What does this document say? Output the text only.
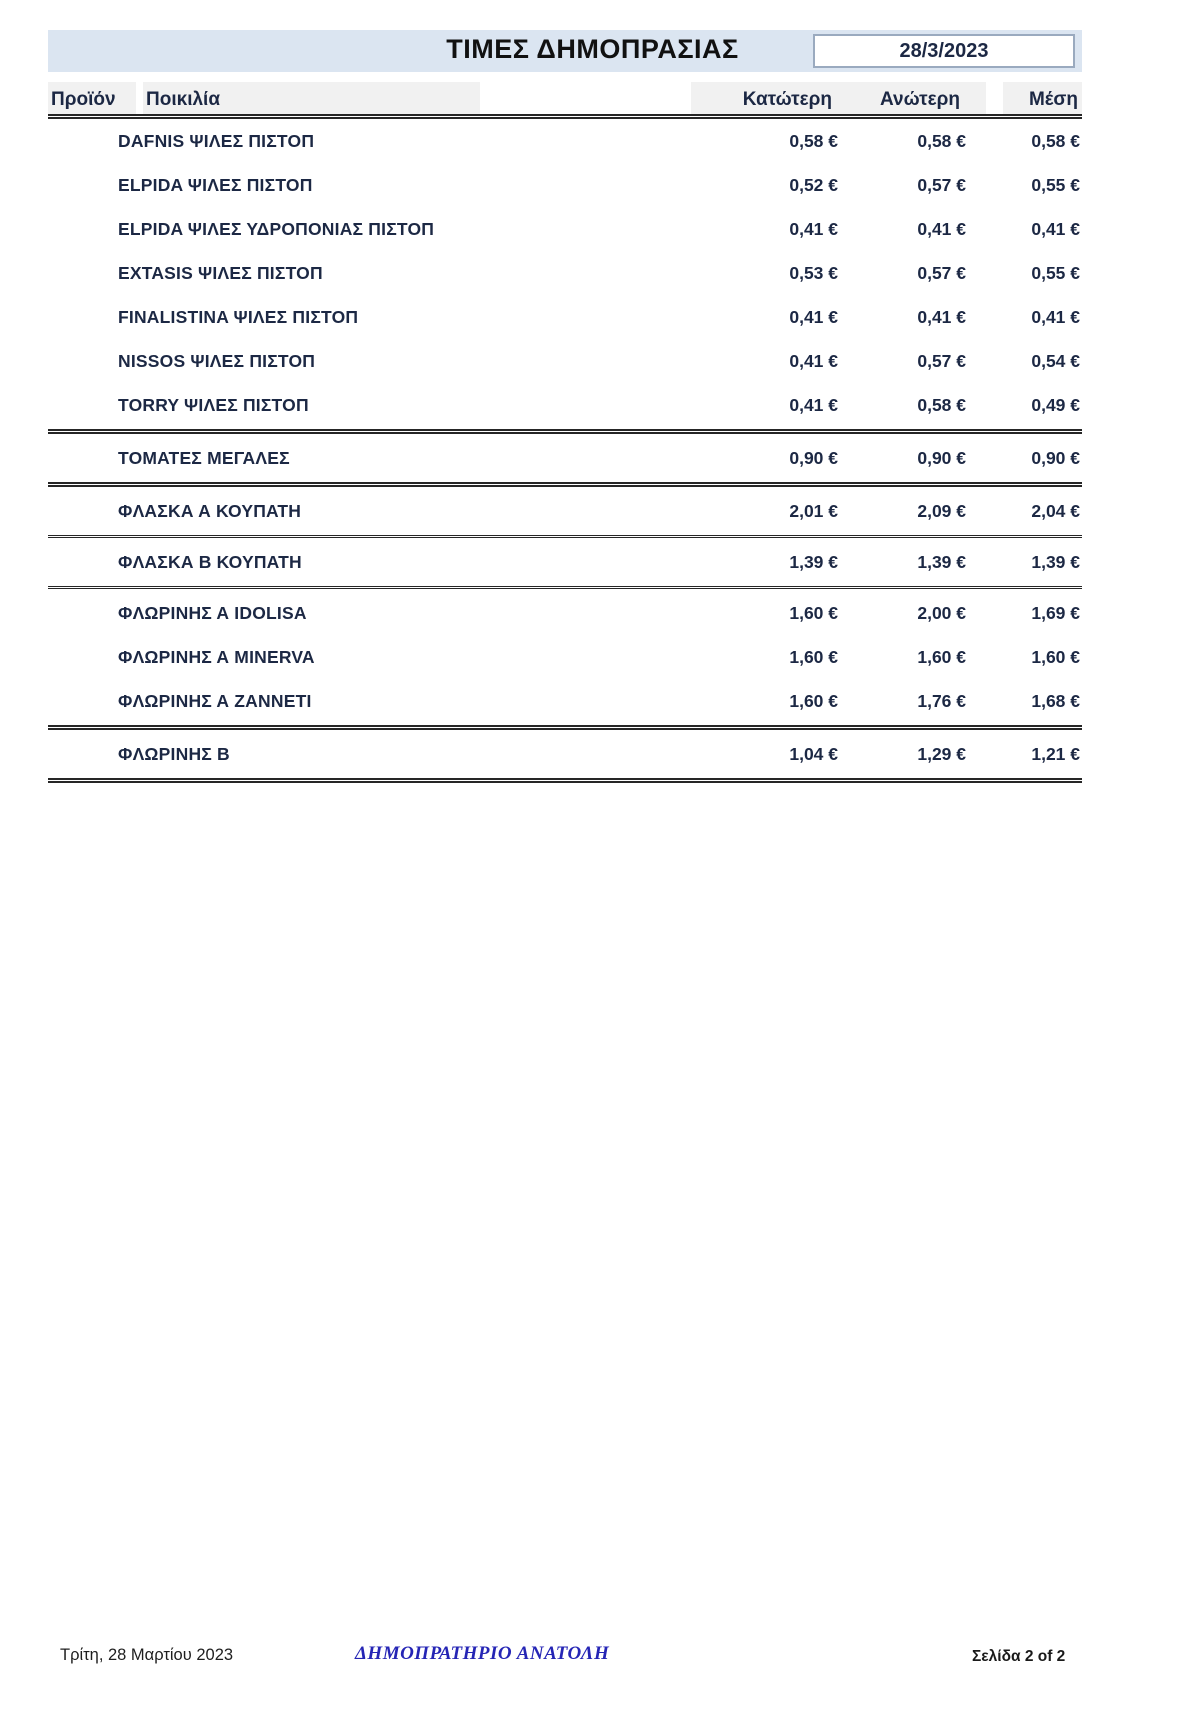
ΤΙΜΕΣ ΔΗΜΟΠΡΑΣΙΑΣ	28/3/2023
Προϊόν Ποικιλία	Κατώτερη	Ανώτερη	Μέση
DAFNIS ΨΙΛΕΣ ΠΙΣΤΟΠ	0,58 €	0,58 €	0,58 €
ELPIDA ΨΙΛΕΣ ΠΙΣΤΟΠ	0,52 €	0,57 €	0,55 €
ELPIDA ΨΙΛΕΣ ΥΔΡΟΠΟΝΙΑΣ ΠΙΣΤΟΠ	0,41 €	0,41 €	0,41 €
EXTASIS ΨΙΛΕΣ ΠΙΣΤΟΠ	0,53 €	0,57 €	0,55 €
FINALISTINA ΨΙΛΕΣ ΠΙΣΤΟΠ	0,41 €	0,41 €	0,41 €
NISSOS ΨΙΛΕΣ ΠΙΣΤΟΠ	0,41 €	0,57 €	0,54 €
TORRY ΨΙΛΕΣ ΠΙΣΤΟΠ	0,41 €	0,58 €	0,49 €
ΤΟΜΑΤΕΣ ΜΕΓΑΛΕΣ	0,90 €	0,90 €	0,90 €
ΦΛΑΣΚΑ Α ΚΟΥΠΑΤΗ	2,01 €	2,09 €	2,04 €
ΦΛΑΣΚΑ Β ΚΟΥΠΑΤΗ	1,39 €	1,39 €	1,39 €
ΦΛΩΡΙΝΗΣ Α IDOLISA	1,60 €	2,00 €	1,69 €
ΦΛΩΡΙΝΗΣ Α MINERVA	1,60 €	1,60 €	1,60 €
ΦΛΩΡΙΝΗΣ Α ΖΑΝΝΕΤΙ	1,60 €	1,76 €	1,68 €
ΦΛΩΡΙΝΗΣ Β	1,04 €	1,29 €	1,21 €
Τρίτη, 28 Μαρτίου 2023	ΔΗΜΟΠΡΑΤΗΡΙΟ ΑΝΑΤΟΛΗ	Σελίδα 2 of 2
